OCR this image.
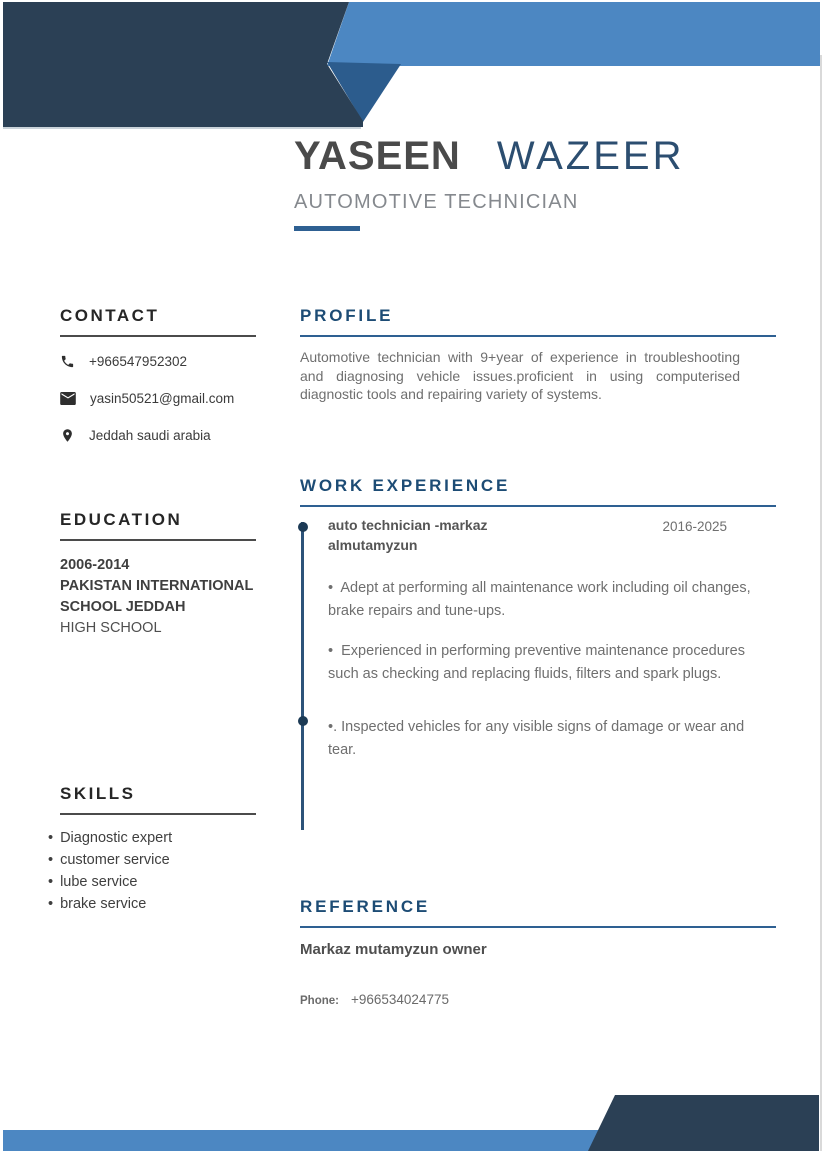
YASEEN WAZEER
AUTOMOTIVE TECHNICIAN
CONTACT
+966547952302
yasin50521@gmail.com
Jeddah saudi arabia
EDUCATION
2006-2014
PAKISTAN INTERNATIONAL
SCHOOL JEDDAH
HIGH SCHOOL
SKILLS
• Diagnostic expert
• customer service
• lube service
• brake service
PROFILE

Automotive technician with 9+year of experience in troubleshooting and diagnosing vehicle issues.proficient in using computerised diagnostic tools and repairing variety of systems.

WORK EXPERIENCE
auto technician -markaz
almutamyzun
2016-2025

• Adept at performing all maintenance work including oil changes, brake repairs and tune-ups.

• Experienced in performing preventive maintenance procedures such as checking and replacing fluids, filters and spark plugs.

•. Inspected vehicles for any visible signs of damage or wear and tear.

REFERENCE
Markaz mutamyzun owner
Phone: +966534024775
